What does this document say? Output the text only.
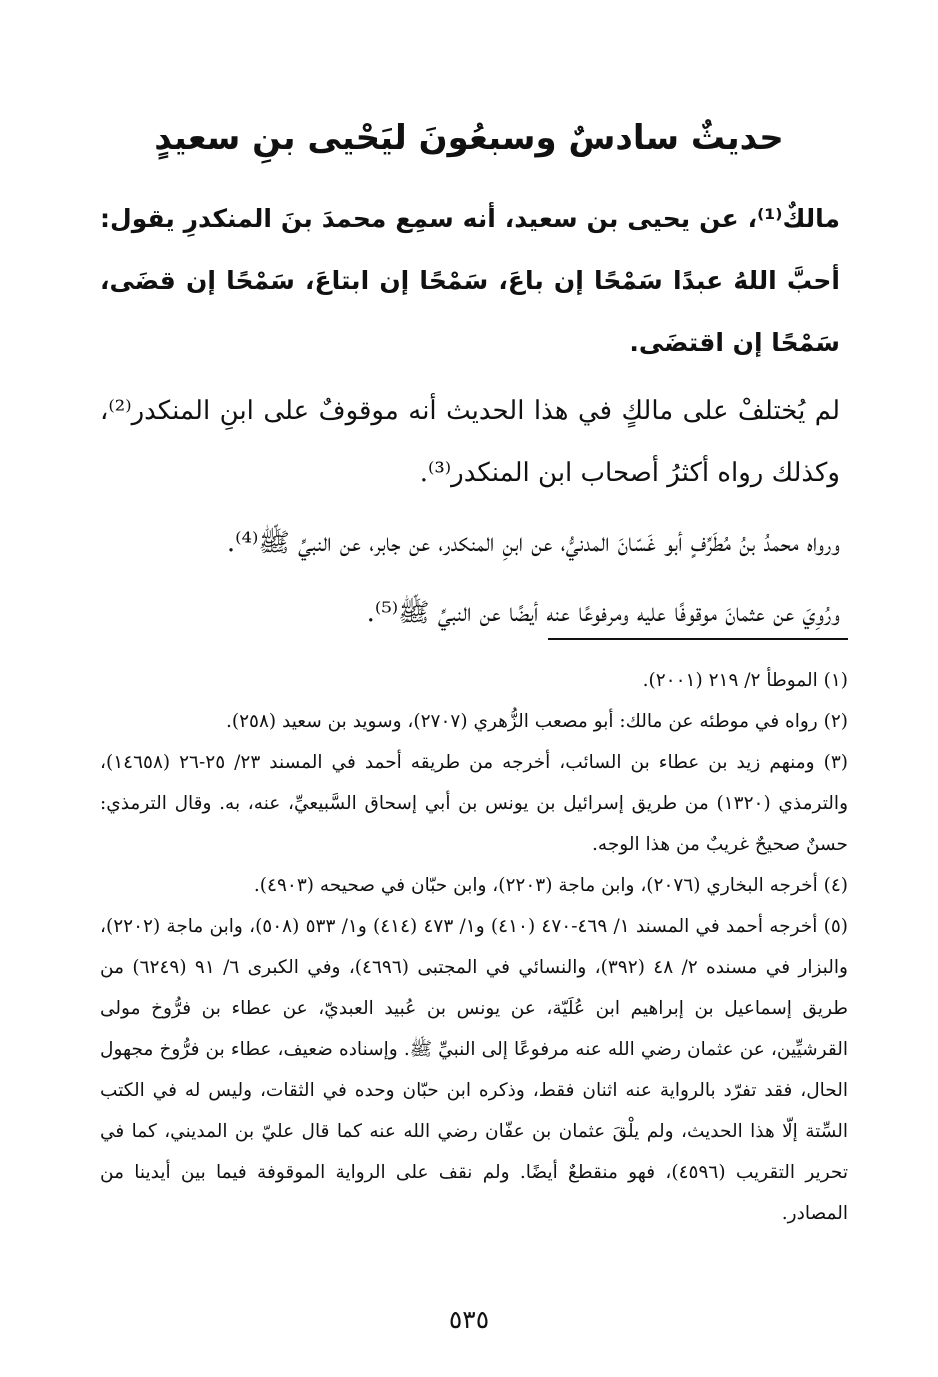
حديثٌ سادسٌ وسبعُونَ ليَحْيى بنِ سعيدٍ

مالكٌ⁽¹⁾، عن يحيى بن سعيد، أنه سمِع محمدَ بنَ المنكدرِ يقول: أحبَّ اللهُ عبدًا سَمْحًا إن باعَ، سَمْحًا إن ابتاعَ، سَمْحًا إن قضَى، سَمْحًا إن اقتضَى.

لم يُختلفْ على مالكٍ في هذا الحديث أنه موقوفٌ على ابنِ المنكدر⁽²⁾، وكذلك رواه أكثرُ أصحاب ابن المنكدر⁽³⁾.

ورواه محمدُ بنُ مُطَرِّفٍ أبو غَسّانَ المدنيُّ، عن ابنِ المنكدر، عن جابر، عن النبيِّ ﷺ⁽⁴⁾.

ورُوِيَ عن عثمانَ موقوفًا عليه ومرفوعًا عنه أيضًا عن النبيِّ ﷺ⁽⁵⁾.

(١) الموطأ ٢/ ٢١٩ (٢٠٠١).

(٢) رواه في موطئه عن مالك: أبو مصعب الزُّهري (٢٧٠٧)، وسويد بن سعيد (٢٥٨).

(٣) ومنهم زيد بن عطاء بن السائب، أخرجه من طريقه أحمد في المسند ٢٣/ ٢٥-٢٦ (١٤٦٥٨)، والترمذي (١٣٢٠) من طريق إسرائيل بن يونس بن أبي إسحاق السَّبيعيِّ، عنه، به. وقال الترمذي: حسنٌ صحيحٌ غريبٌ من هذا الوجه.

(٤) أخرجه البخاري (٢٠٧٦)، وابن ماجة (٢٢٠٣)، وابن حبّان في صحيحه (٤٩٠٣).

(٥) أخرجه أحمد في المسند ١/ ٤٦٩-٤٧٠ (٤١٠) و١/ ٤٧٣ (٤١٤) و١/ ٥٣٣ (٥٠٨)، وابن ماجة (٢٢٠٢)، والبزار في مسنده ٢/ ٤٨ (٣٩٢)، والنسائي في المجتبى (٤٦٩٦)، وفي الكبرى ٦/ ٩١ (٦٢٤٩) من طريق إسماعيل بن إبراهيم ابن عُلَيّة، عن يونس بن عُبيد العبديّ، عن عطاء بن فرُّوخ مولى القرشيِّين، عن عثمان رضي الله عنه مرفوعًا إلى النبيِّ ﷺ. وإسناده ضعيف، عطاء بن فرُّوخ مجهول الحال، فقد تفرّد بالرواية عنه اثنان فقط، وذكره ابن حبّان وحده في الثقات، وليس له في الكتب السِّتة إلّا هذا الحديث، ولم يلْقَ عثمان بن عفّان رضي الله عنه كما قال عليّ بن المديني، كما في تحرير التقريب (٤٥٩٦)، فهو منقطعٌ أيضًا. ولم نقف على الرواية الموقوفة فيما بين أيدينا من المصادر.

٥٣٥
